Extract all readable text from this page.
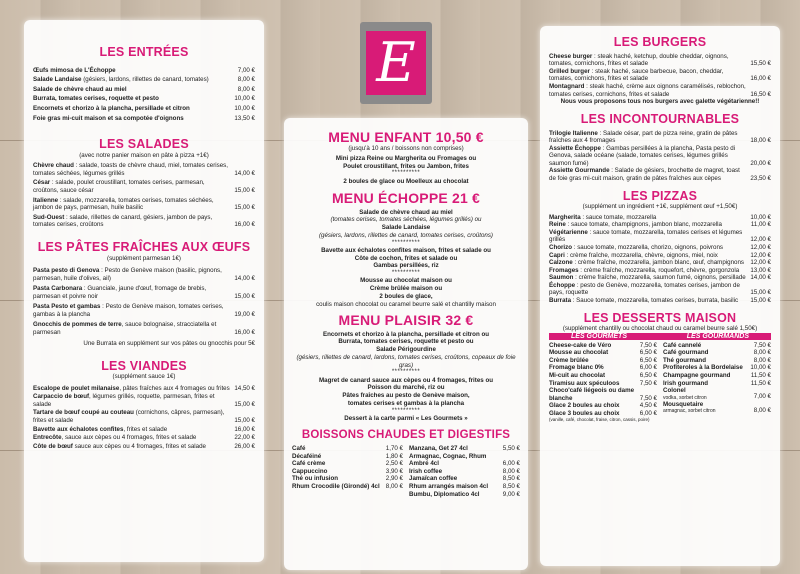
E
LES ENTRÉES
Œufs mimosa de L'Échoppe	7,00 €
Salade Landaise (gésiers, lardons, rillettes de canard, tomates)	8,00 €
Salade de chèvre chaud au miel	8,00 €
Burrata, tomates cerises, roquette et pesto	10,00 €
Encornets et chorizo à la plancha, persillade et citron	10,00 €
Foie gras mi-cuit maison et sa compotée d'oignons	13,50 €
LES SALADES
(avec notre panier maison en pâte à pizza +1€)
Chèvre chaud : salade, toasts de chèvre chaud, miel, tomates cerises, tomates séchées, légumes grillés	14,00 €
César : salade, poulet croustillant, tomates cerises, parmesan, croûtons, sauce césar	15,00 €
Italienne : salade, mozzarella, tomates cerises, tomates séchées, jambon de pays, parmesan, huile basilic	15,00 €
Sud-Ouest : salade, rillettes de canard, gésiers, jambon de pays, tomates cerises, croûtons	16,00 €
LES PÂTES FRAÎCHES AUX ŒUFS
(supplément parmesan 1€)
Pasta pesto di Genova : Pesto de Genève maison (basilic, pignons, parmesan, huile d'olives, ail)	14,00 €
Pasta Carbonara : Guanciale, jaune d'œuf, fromage de brebis, parmesan et poivre noir	15,00 €
Pasta Pesto et gambas : Pesto de Genève maison, tomates cerises, gambas à la plancha	19,00 €
Gnocchis de pommes de terre, sauce bolognaise, stracciatella et parmesan	16,00 €
Une Burrata en supplément sur vos pâtes ou gnocchis pour 5€
LES VIANDES
(supplément sauce 1€)
Escalope de poulet milanaise, pâtes fraîches aux 4 fromages ou frites 14,50 €
Carpaccio de bœuf, légumes grillés, roquette, parmesan, frites et salade	15,00 €
Tartare de bœuf coupé au couteau (cornichons, câpres, parmesan), frites et salade	15,00 €
Bavette aux échalotes confites, frites et salade	16,00 €
Entrecôte, sauce aux cèpes ou 4 fromages, frites et salade	22,00 €
Côte de bœuf sauce aux cèpes ou 4 fromages, frites et salade	26,00 €
MENU ENFANT 10,50 €
(jusqu'à 10 ans / boissons non comprises)
Mini pizza Reine ou Margherita ou Fromages ou
Poulet croustillant, frites ou Jambon, frites
**********
2 boules de glace ou Moelleux au chocolat
MENU ÉCHOPPE 21 €
Salade de chèvre chaud au miel
(tomates cerises, tomates séchées, légumes grillés) ou
Salade Landaise
(gésiers, lardons, rillettes de canard, tomates cerises, croûtons)
**********
Bavette aux échalotes confites maison, frites et salade ou
Côte de cochon, frites et salade ou
Gambas persillées, riz
**********
Mousse au chocolat maison ou
Crème brûlée maison ou
2 boules de glace,
coulis maison chocolat ou caramel beurre salé et chantilly maison
MENU PLAISIR 32 €
Encornets et chorizo à la plancha, persillade et citron ou
Burrata, tomates cerises, roquette et pesto ou
Salade Périgourdine
(gésiers, rillettes de canard, lardons, tomates cerises, croûtons, copeaux de foie gras)
**********
Magret de canard sauce aux cèpes ou 4 fromages, frites ou
Poisson du marché, riz ou
Pâtes fraîches au pesto de Genève maison,
tomates cerises et gambas à la plancha
**********
Dessert à la carte parmi « Les Gourmets »
BOISSONS CHAUDES ET DIGESTIFS
Café	1,70 €
Décaféiné	1,80 €
Café crème	2,50 €
Cappuccino	3,90 €
Thé ou infusion	2,90 €
Rhum Crocodile (Girondé) 4cl 8,00 €
Manzana, Get 27 4cl	5,50 €
Armagnac, Cognac, Rhum Ambré 4cl	6,00 €
Irish coffee	8,00 €
Jamaïcan coffee	8,50 €
Rhum arrangés maison 4cl	8,50 €
Bumbu, Diplomatico 4cl	9,00 €
LES BURGERS
Cheese burger : steak haché, ketchup, double cheddar, oignons, tomates, cornichons, frites et salade	15,50 €
Grilled burger : steak haché, sauce barbecue, bacon, cheddar, tomates, cornichons, frites et salade	16,00 €
Montagnard : steak haché, crème aux oignons caramélisés, reblochon, tomates cerises, cornichons, frites et salade	16,50 €
Nous vous proposons tous nos burgers avec galette végétarienne!!
LES INCONTOURNABLES
Trilogie Italienne : Salade césar, part de pizza reine, gratin de pâtes fraîches aux 4 fromages	18,00 €
Assiette Échoppe : Gambas persillées à la plancha, Pasta pesto di Genova, salade océane (salade, tomates cerises, légumes grillés saumon fumé)	20,00 €
Assiette Gourmande : Salade de gésiers, brochette de magret, toast de foie gras mi-cuit maison, gratin de pâtes fraîches aux cèpes	23,50 €
LES PIZZAS
(supplément un ingrédient +1€, supplément œuf +1,50€)
Margherita : sauce tomate, mozzarella	10,00 €
Reine : sauce tomate, champignons, jambon blanc, mozzarella	11,00 €
Végétarienne : sauce tomate, mozzarella, tomates cerises et légumes grillés	12,00 €
Chorizo : sauce tomate, mozzarella, chorizo, oignons, poivrons	12,00 €
Capri : crème fraîche, mozzarella, chèvre, oignons, miel, noix	12,00 €
Calzone : crème fraîche, mozzarella, jambon blanc, œuf, champignons	12,00 €
Fromages : crème fraîche, mozzarella, roquefort, chèvre, gorgonzola	13,00 €
Saumon : crème fraîche, mozzarella, saumon fumé, oignons, persillade 14,00 €
Échoppe : pesto de Genève, mozzarella, tomates cerises, jambon de pays, roquette	15,00 €
Burrata : Sauce tomate, mozzarella, tomates cerises, burrata, basilic	15,00 €
LES DESSERTS MAISON
(supplément chantilly ou chocolat chaud ou caramel beurre salé 1,50€)
LES GOURMETS	LES GOURMANDS
Cheese-cake de Véro	7,50 €
Mousse au chocolat	6,50 €
Crème brûlée	6,50 €
Fromage blanc 0%	6,00 €
Mi-cuit au chocolat	6,50 €
Tiramisu aux spéculoos	7,50 €
Choco'café liégeois ou dame blanche	7,50 €
Glace 2 boules au choix	4,50 €
Glace 3 boules au choix	6,00 €
(vanille, café, chocolat, fraise, citron, cassis, poire)
Café cannelé	7,50 €
Café gourmand	8,00 €
Thé gourmand	8,00 €
Profiteroles à la Bordelaise	10,00 €
Champagne gourmand	11,50 €
Irish gourmand	11,50 €
Colonel
vodka, sorbet citron	7,00 €
Mousquetaire
armagnac, sorbet citron	8,00 €
